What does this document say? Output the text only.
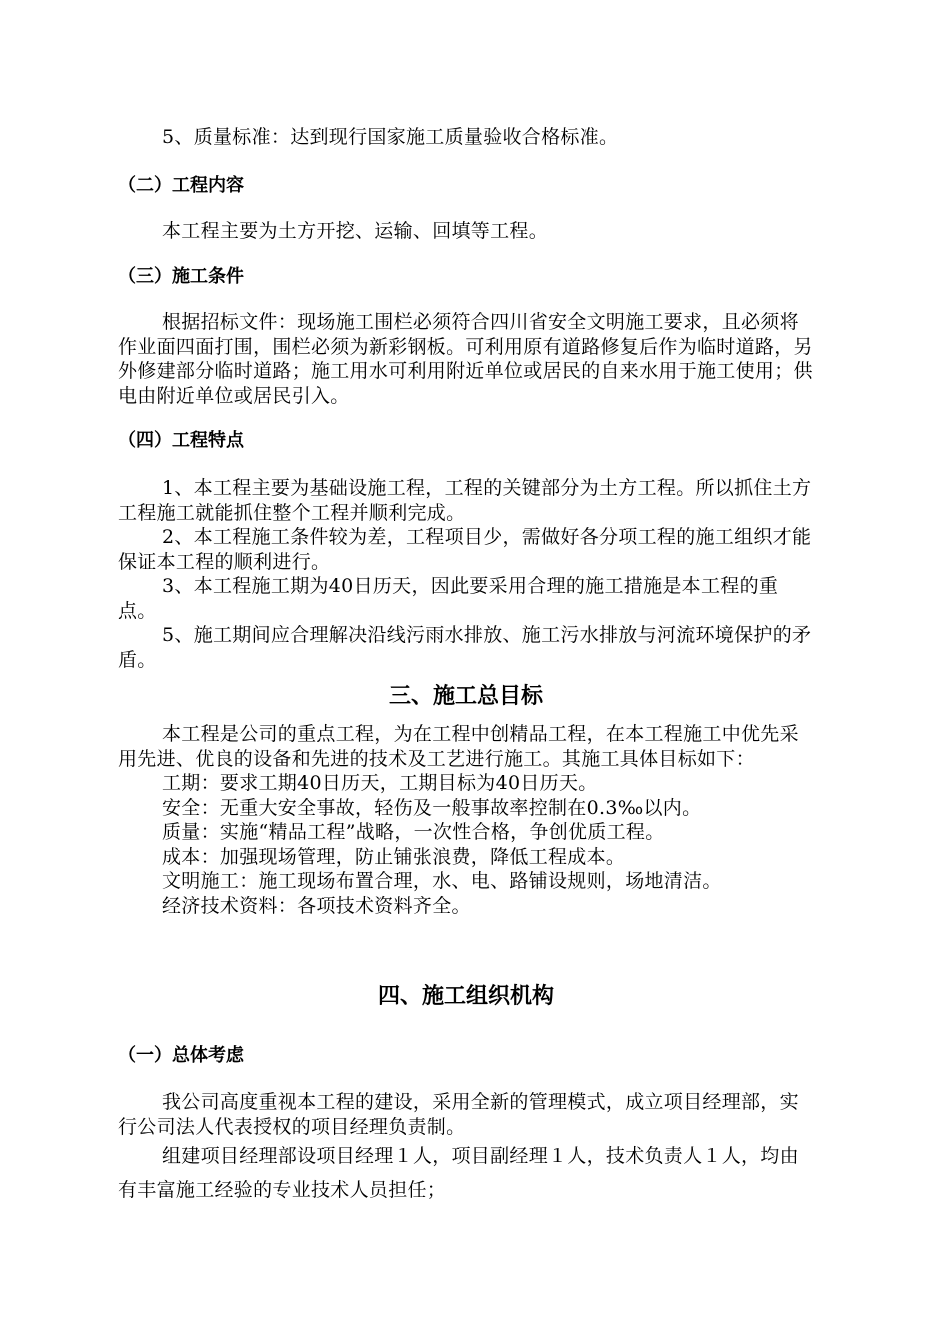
5、质量标准：达到现行国家施工质量验收合格标准。

（二）工程内容

本工程主要为土方开挖、运输、回填等工程。

（三）施工条件

根据招标文件：现场施工围栏必须符合四川省安全文明施工要求，且必须将作业面四面打围，围栏必须为新彩钢板。可利用原有道路修复后作为临时道路，另外修建部分临时道路；施工用水可利用附近单位或居民的自来水用于施工使用；供电由附近单位或居民引入。

（四）工程特点

1、本工程主要为基础设施工程，工程的关键部分为土方工程。所以抓住土方工程施工就能抓住整个工程并顺利完成。

2、本工程施工条件较为差，工程项目少，需做好各分项工程的施工组织才能保证本工程的顺利进行。

3、本工程施工期为40日历天，因此要采用合理的施工措施是本工程的重点。

5、施工期间应合理解决沿线污雨水排放、施工污水排放与河流环境保护的矛盾。

三、施工总目标

本工程是公司的重点工程，为在工程中创精品工程，在本工程施工中优先采用先进、优良的设备和先进的技术及工艺进行施工。其施工具体目标如下：

工期：要求工期40日历天，工期目标为40日历天。

安全：无重大安全事故，轻伤及一般事故率控制在0.3‰以内。

质量：实施“精品工程”战略，一次性合格，争创优质工程。

成本：加强现场管理，防止铺张浪费，降低工程成本。

文明施工：施工现场布置合理，水、电、路铺设规则，场地清洁。

经济技术资料：各项技术资料齐全。

四、施工组织机构
（一）总体考虑

我公司高度重视本工程的建设，采用全新的管理模式，成立项目经理部，实行公司法人代表授权的项目经理负责制。

组建项目经理部设项目经理１人，项目副经理１人，技术负责人１人，均由有丰富施工经验的专业技术人员担任；
